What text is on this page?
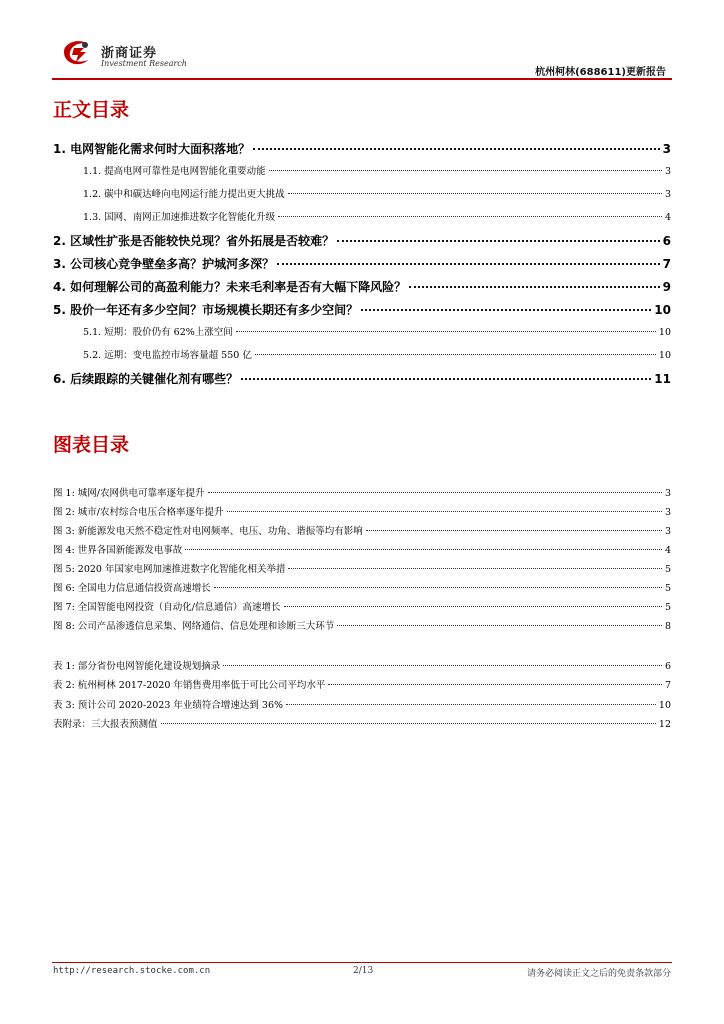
浙商证券
Investment Research
杭州柯林(688611)更新报告
正文目录
1. 电网智能化需求何时大面积落地？	3
1.1. 提高电网可靠性是电网智能化重要动能	3
1.2. 碳中和碳达峰向电网运行能力提出更大挑战	3
1.3. 国网、南网正加速推进数字化智能化升级	4
2. 区域性扩张是否能较快兑现？省外拓展是否较难？	6
3. 公司核心竞争壁垒多高？护城河多深？	7
4. 如何理解公司的高盈利能力？未来毛利率是否有大幅下降风险？	9
5. 股价一年还有多少空间？市场规模长期还有多少空间？	10
5.1. 短期：股价仍有 62%上涨空间	10
5.2. 远期：变电监控市场容量超 550 亿	10
6. 后续跟踪的关键催化剂有哪些？	11
图表目录
图 1: 城网/农网供电可靠率逐年提升	3
图 2: 城市/农村综合电压合格率逐年提升	3
图 3: 新能源发电天然不稳定性对电网频率、电压、功角、谐振等均有影响	3
图 4: 世界各国新能源发电事故	4
图 5: 2020 年国家电网加速推进数字化智能化相关举措	5
图 6: 全国电力信息通信投资高速增长	5
图 7: 全国智能电网投资（自动化/信息通信）高速增长	5
图 8: 公司产品渗透信息采集、网络通信、信息处理和诊断三大环节	8
表 1: 部分省份电网智能化建设规划摘录	6
表 2: 杭州柯林 2017-2020 年销售费用率低于可比公司平均水平	7
表 3: 预计公司 2020-2023 年业绩符合增速达到 36%	10
表附录：三大报表预测值	12
http://research.stocke.com.cn	2/13	请务必阅读正文之后的免责条款部分
